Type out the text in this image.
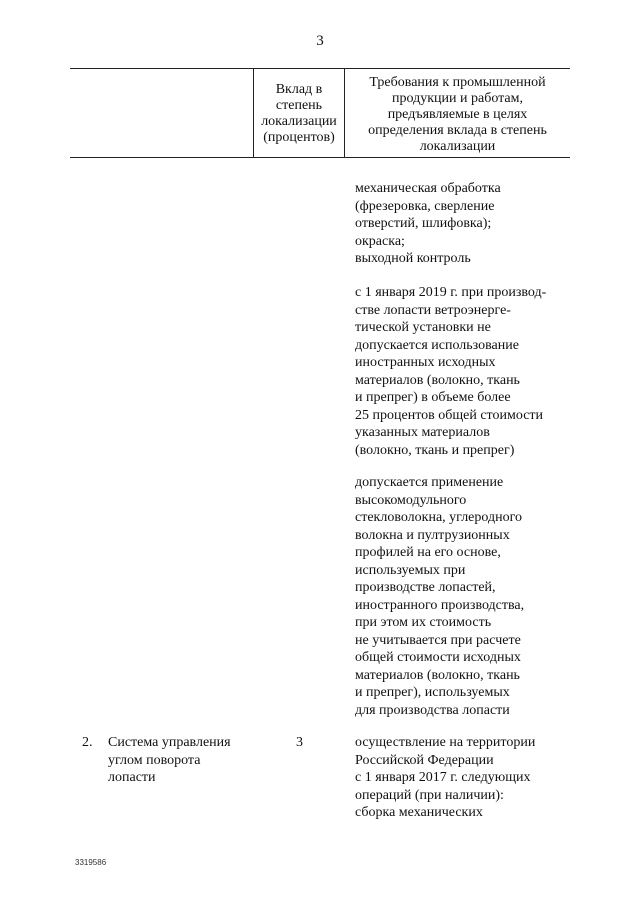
3
Вклад в
степень
локализации
(процентов)
Требования к промышленной
продукции и работам,
предъявляемые в целях
определения вклада в степень
локализации
механическая обработка
(фрезеровка, сверление
отверстий, шлифовка);
окраска;
выходной контроль
с 1 января 2019 г. при производ-
стве лопасти ветроэнерге-
тической установки не
допускается использование
иностранных исходных
материалов (волокно, ткань
и препрег) в объеме более
25 процентов общей стоимости
указанных материалов
(волокно, ткань и препрег)
допускается применение
высокомодульного
стекловолокна, углеродного
волокна и пултрузионных
профилей на его основе,
используемых при
производстве лопастей,
иностранного производства,
при этом их стоимость
не учитывается при расчете
общей стоимости исходных
материалов (волокно, ткань
и препрег), используемых
для производства лопасти
2. Система управления
углом поворота
лопасти
3	осуществление на территории
Российской Федерации
с 1 января 2017 г. следующих
операций (при наличии):
сборка механических
3319586
